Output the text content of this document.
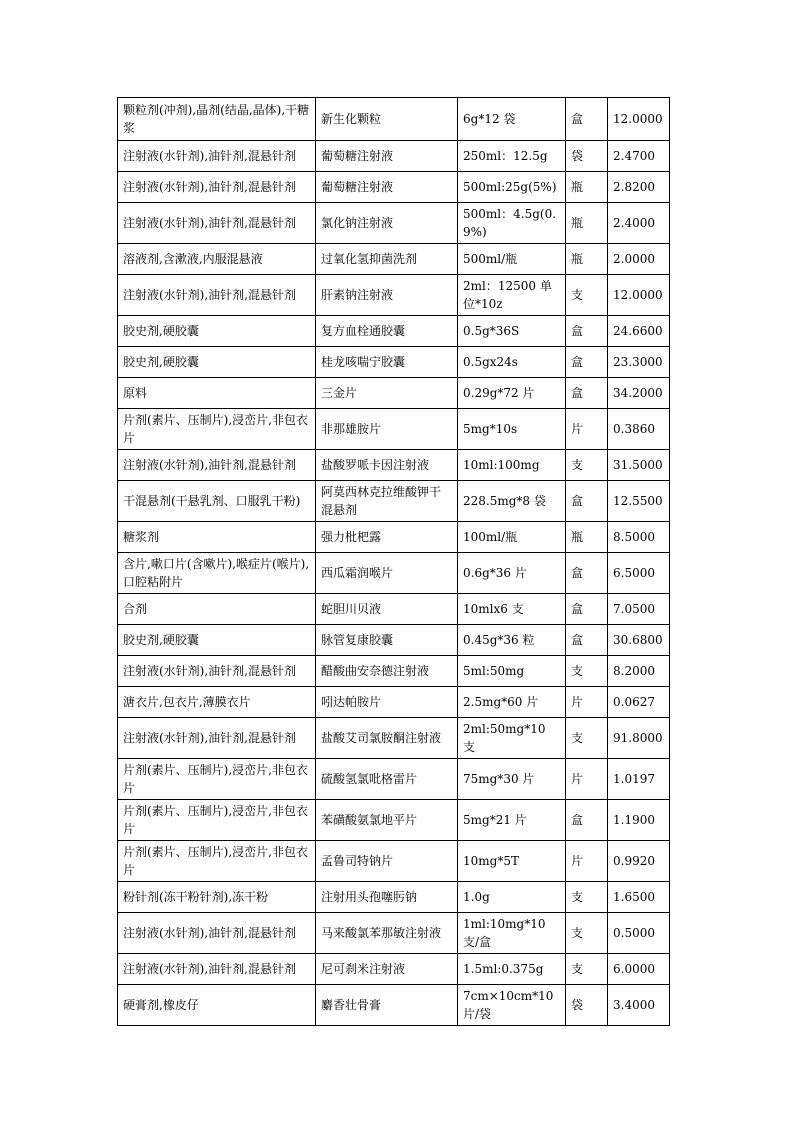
颗粒剂(冲剂),晶剂(结晶,晶体),干糖浆	新生化颗粒	6g*12 袋	盒	12.0000
注射液(水针剂),油针剂,混悬针剂	葡萄糖注射液	250ml：12.5g	袋	2.4700
注射液(水针剂),油针剂,混悬针剂	葡萄糖注射液	500ml:25g(5%)	瓶	2.8200
注射液(水针剂),油针剂,混悬针剂	氯化钠注射液	500ml：4.5g(0.9%)	瓶	2.4000
溶液剂,含漱液,内服混悬液	过氧化氢抑菌洗剂	500ml/瓶	瓶	2.0000
注射液(水针剂),油针剂,混悬针剂	肝素钠注射液	2ml：12500 单位*10z	支	12.0000
胶史剂,硬胶囊	复方血栓通胶囊	0.5g*36S	盒	24.6600
胶史剂,硬胶囊	桂龙咳喘宁胶囊	0.5gx24s	盒	23.3000
原料	三金片	0.29g*72 片	盒	34.2000
片剂(素片、压制片),浸峦片,非包衣片	非那雄胺片	5mg*10s	片	0.3860
注射液(水针剂),油针剂,混悬针剂	盐酸罗哌卡因注射液	10ml:100mg	支	31.5000
干混悬剂(干悬乳剂、口服乳干粉)	阿莫西林克拉维酸钾干混悬剂	228.5mg*8 袋	盒	12.5500
糖浆剂	强力枇杷露	100ml/瓶	瓶	8.5000
含片,嗽口片(含嗽片),喉症片(喉片),口腔粘附片	西瓜霜润喉片	0.6g*36 片	盒	6.5000
合剂	蛇胆川贝液	10mlx6 支	盒	7.0500
胶史剂,硬胶囊	脉管复康胶囊	0.45g*36 粒	盒	30.6800
注射液(水针剂),油针剂,混悬针剂	醋酸曲安奈德注射液	5ml:50mg	支	8.2000
溏衣片,包衣片,薄膜衣片	吲达帕胺片	2.5mg*60 片	片	0.0627
注射液(水针剂),油针剂,混悬针剂	盐酸艾司氯胺酮注射液	2ml:50mg*10 支	支	91.8000
片剂(素片、压制片),浸峦片,非包衣片	硫酸氢氯吡格雷片	75mg*30 片	片	1.0197
片剂(素片、压制片),浸峦片,非包衣片	苯磺酸氨氯地平片	5mg*21 片	盒	1.1900
片剂(素片、压制片),浸峦片,非包衣片	孟鲁司特钠片	10mg*5T	片	0.9920
粉针剂(冻干粉针剂),冻干粉	注射用头孢噻肟钠	1.0g	支	1.6500
注射液(水针剂),油针剂,混悬针剂	马来酸氯苯那敏注射液	1ml:10mg*10 支/盒	支	0.5000
注射液(水针剂),油针剂,混悬针剂	尼可刹米注射液	1.5ml:0.375g	支	6.0000
硬膏剂,橡皮仔	麝香壮骨膏	7cm×10cm*10 片/袋	袋	3.4000
